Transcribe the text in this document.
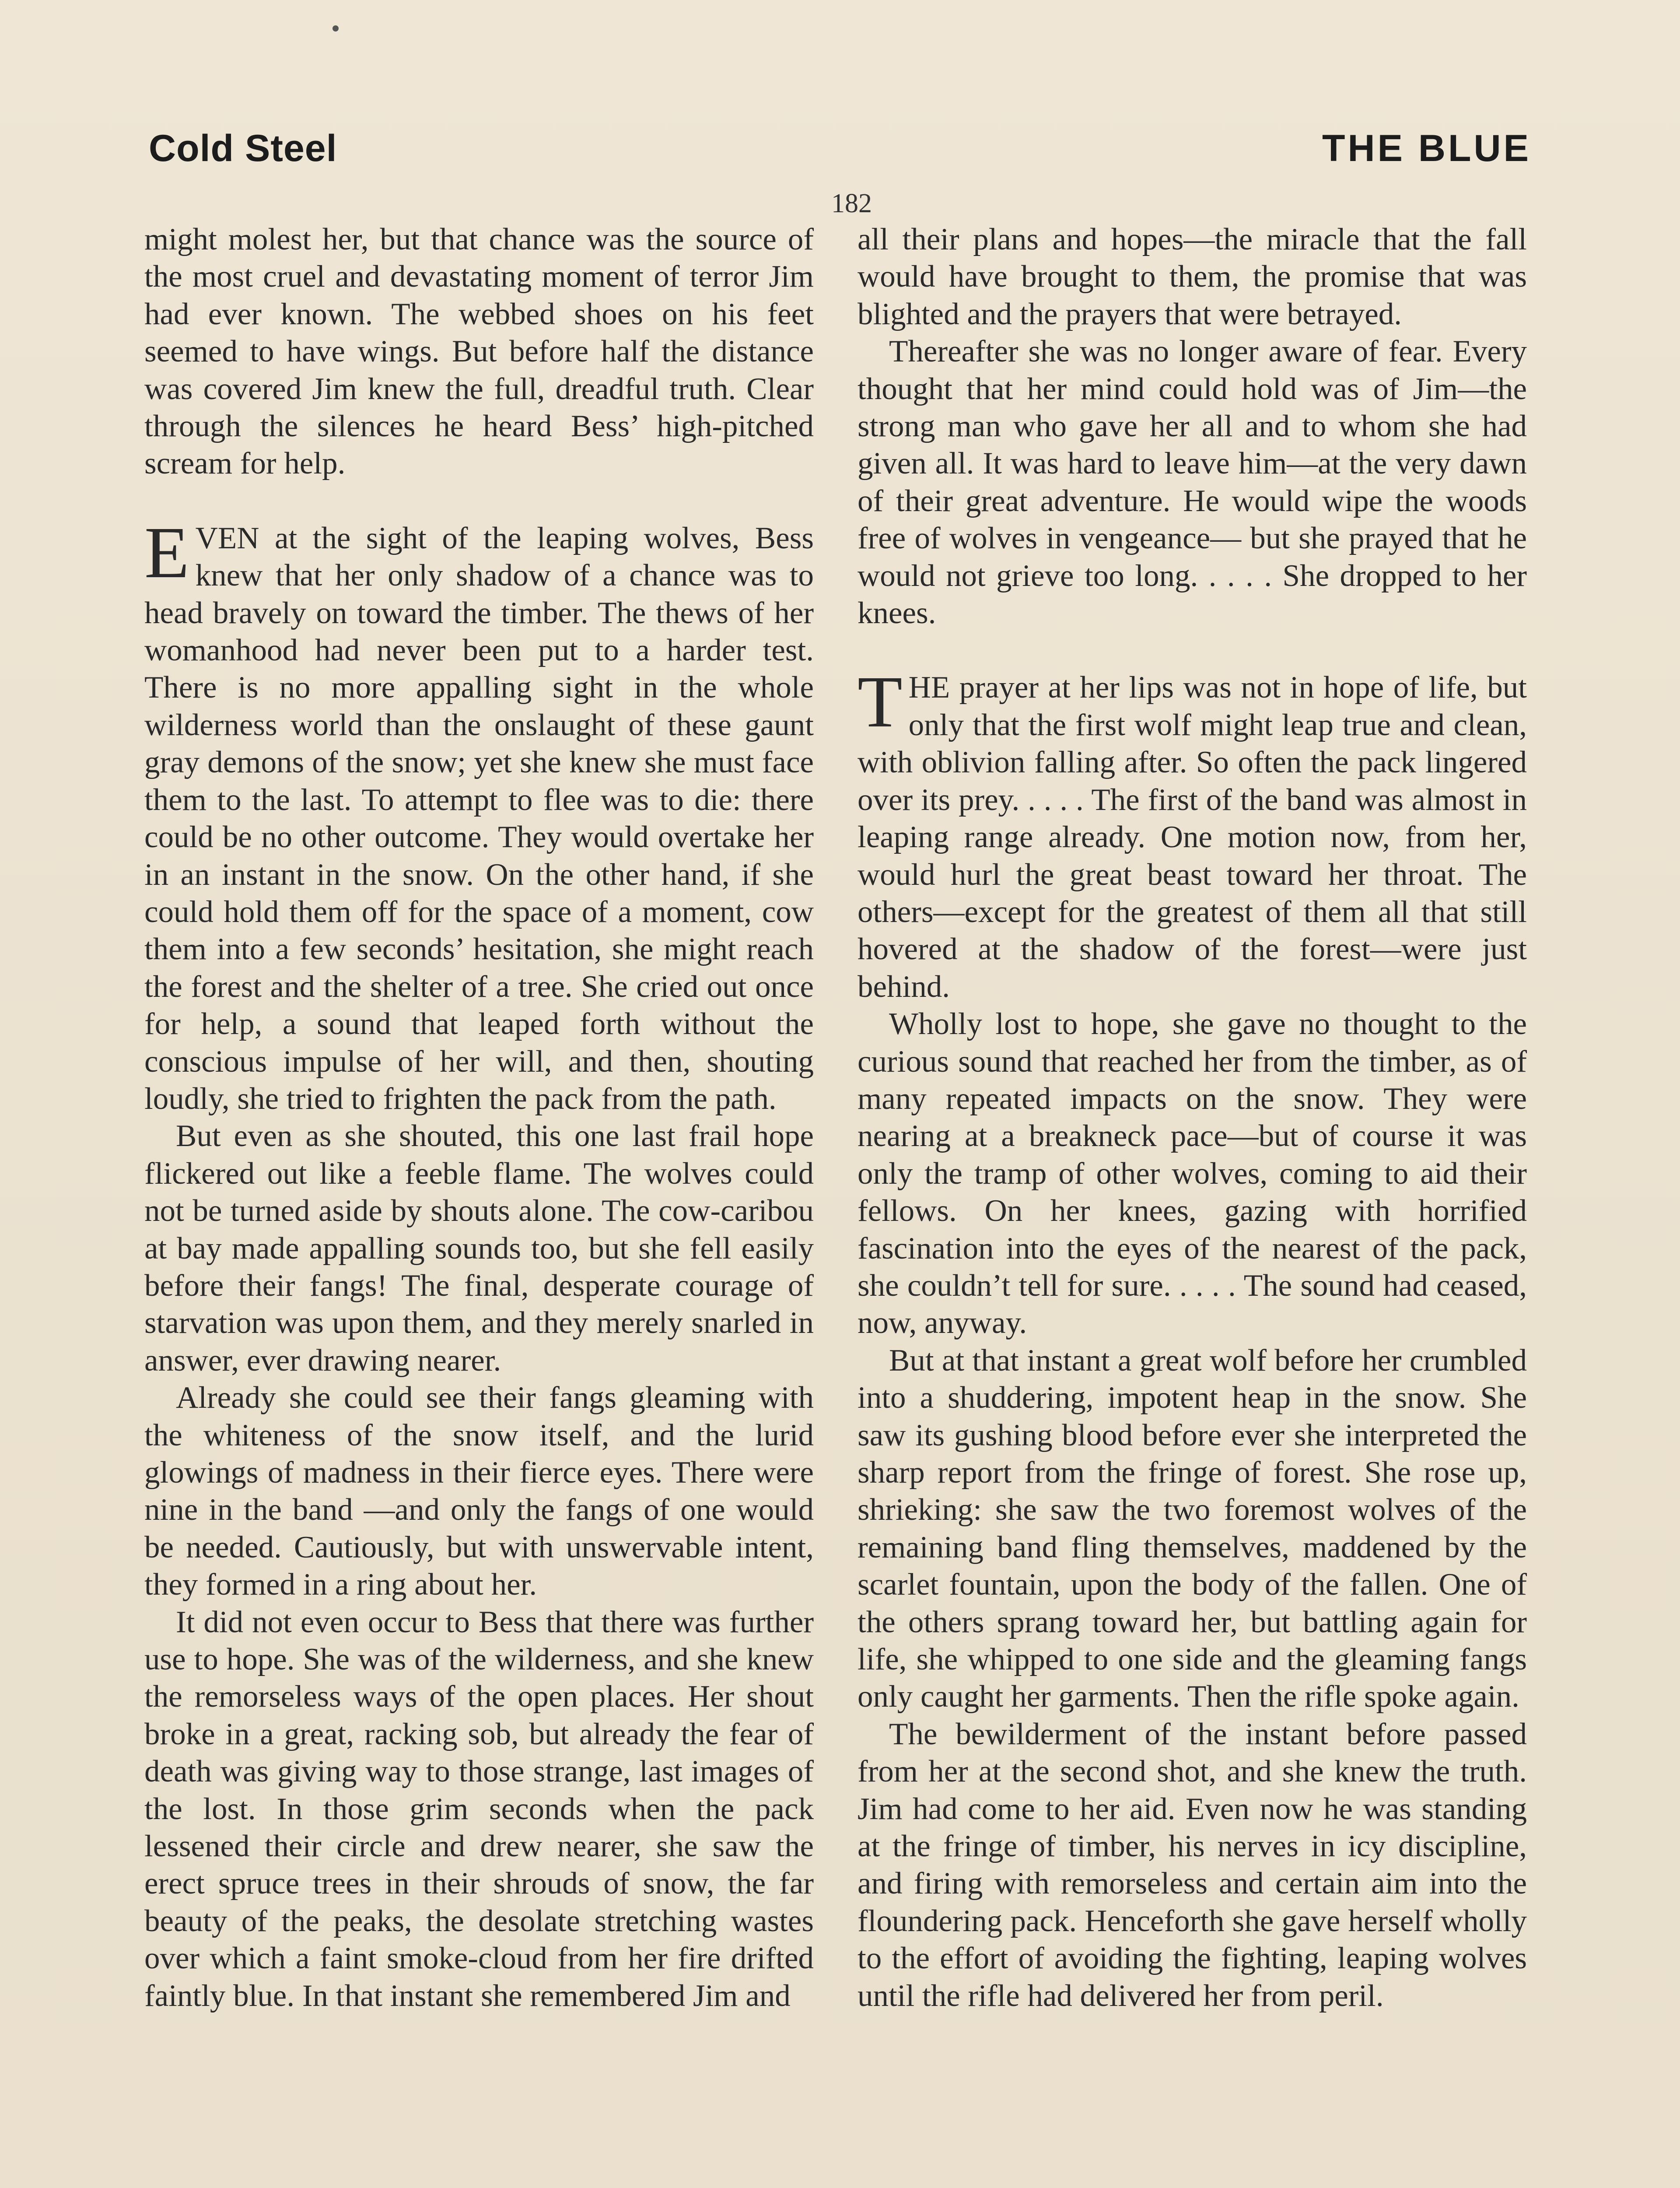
Cold Steel	THE BLUE
182

might molest her, but that chance was the source of the most cruel and devastating moment of terror Jim had ever known. The webbed shoes on his feet seemed to have wings. But before half the distance was covered Jim knew the full, dreadful truth. Clear through the silences he heard Bess’ high-pitched scream for help.

EVEN at the sight of the leaping wolves, Bess knew that her only shadow of a chance was to head bravely on toward the timber. The thews of her womanhood had never been put to a harder test. There is no more appalling sight in the whole wilderness world than the onslaught of these gaunt gray demons of the snow; yet she knew she must face them to the last. To attempt to flee was to die: there could be no other outcome. They would overtake her in an instant in the snow. On the other hand, if she could hold them off for the space of a moment, cow them into a few seconds’ hesitation, she might reach the forest and the shelter of a tree. She cried out once for help, a sound that leaped forth without the conscious impulse of her will, and then, shouting loudly, she tried to frighten the pack from the path.

But even as she shouted, this one last frail hope flickered out like a feeble flame. The wolves could not be turned aside by shouts alone. The cow-caribou at bay made appalling sounds too, but she fell easily before their fangs! The final, desperate courage of starvation was upon them, and they merely snarled in answer, ever drawing nearer.

Already she could see their fangs gleaming with the whiteness of the snow itself, and the lurid glowings of madness in their fierce eyes. There were nine in the band —and only the fangs of one would be needed. Cautiously, but with unswervable intent, they formed in a ring about her.

It did not even occur to Bess that there was further use to hope. She was of the wilderness, and she knew the remorseless ways of the open places. Her shout broke in a great, racking sob, but already the fear of death was giving way to those strange, last images of the lost. In those grim seconds when the pack lessened their circle and drew nearer, she saw the erect spruce trees in their shrouds of snow, the far beauty of the peaks, the desolate stretching wastes over which a faint smoke-cloud from her fire drifted faintly blue. In that instant she remembered Jim and

all their plans and hopes—the miracle that the fall would have brought to them, the promise that was blighted and the prayers that were betrayed.

Thereafter she was no longer aware of fear. Every thought that her mind could hold was of Jim—the strong man who gave her all and to whom she had given all. It was hard to leave him—at the very dawn of their great adventure. He would wipe the woods free of wolves in vengeance— but she prayed that he would not grieve too long. . . . . She dropped to her knees.

THE prayer at her lips was not in hope of life, but only that the first wolf might leap true and clean, with oblivion falling after. So often the pack lingered over its prey. . . . . The first of the band was almost in leaping range already. One motion now, from her, would hurl the great beast toward her throat. The others—except for the greatest of them all that still hovered at the shadow of the forest—were just behind.

Wholly lost to hope, she gave no thought to the curious sound that reached her from the timber, as of many repeated impacts on the snow. They were nearing at a breakneck pace—but of course it was only the tramp of other wolves, coming to aid their fellows. On her knees, gazing with horrified fascination into the eyes of the nearest of the pack, she couldn’t tell for sure. . . . . The sound had ceased, now, anyway.

But at that instant a great wolf before her crumbled into a shuddering, impotent heap in the snow. She saw its gushing blood before ever she interpreted the sharp report from the fringe of forest. She rose up, shrieking: she saw the two foremost wolves of the remaining band fling themselves, maddened by the scarlet fountain, upon the body of the fallen. One of the others sprang toward her, but battling again for life, she whipped to one side and the gleaming fangs only caught her garments. Then the rifle spoke again.

The bewilderment of the instant before passed from her at the second shot, and she knew the truth. Jim had come to her aid. Even now he was standing at the fringe of timber, his nerves in icy discipline, and firing with remorseless and certain aim into the floundering pack. Henceforth she gave herself wholly to the effort of avoiding the fighting, leaping wolves until the rifle had delivered her from peril.
